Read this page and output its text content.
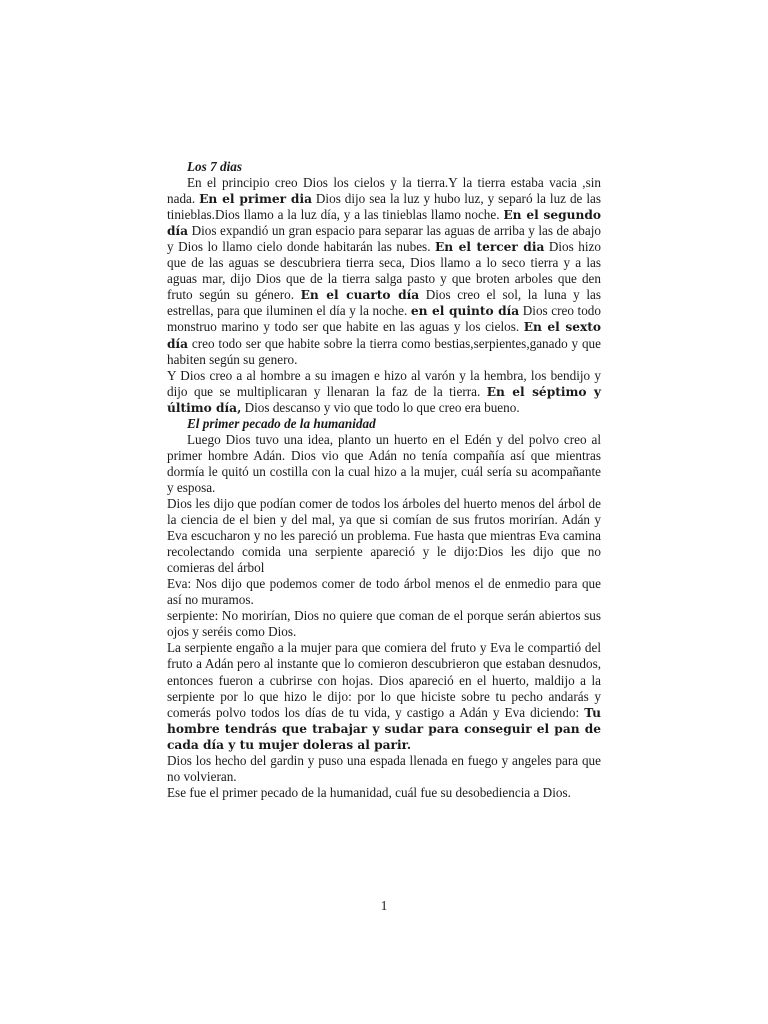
Los 7 dias

En el principio creo Dios los cielos y la tierra.Y la tierra estaba vacia ,sin nada. En el primer dia Dios dijo sea la luz y hubo luz, y separó la luz de las tinieblas.Dios llamo a la luz día, y a las tinieblas llamo noche. En el segundo día Dios expandió un gran espacio para separar las aguas de arriba y las de abajo y Dios lo llamo cielo donde habitarán las nubes. En el tercer dia Dios hizo que de las aguas se descubriera tierra seca, Dios llamo a lo seco tierra y a las aguas mar, dijo Dios que de la tierra salga pasto y que broten arboles que den fruto según su género. En el cuarto día Dios creo el sol, la luna y las estrellas, para que iluminen el día y la noche. en el quinto día Dios creo todo monstruo marino y todo ser que habite en las aguas y los cielos. En el sexto día creo todo ser que habite sobre la tierra como bestias,serpientes,ganado y que habiten según su genero.

Y Dios creo a al hombre a su imagen e hizo al varón y la hembra, los bendijo y dijo que se multiplicaran y llenaran la faz de la tierra. En el séptimo y último día, Dios descanso y vio que todo lo que creo era bueno.

El primer pecado de la humanidad

Luego Dios tuvo una idea, planto un huerto en el Edén y del polvo creo al primer hombre Adán. Dios vio que Adán no tenía compañía así que mientras dormía le quitó un costilla con la cual hizo a la mujer, cuál sería su acompañante y esposa.

Dios les dijo que podían comer de todos los árboles del huerto menos del árbol de la ciencia de el bien y del mal, ya que si comían de sus frutos morirían. Adán y Eva escucharon y no les pareció un problema. Fue hasta que mientras Eva camina recolectando comida una serpiente apareció y le dijo:Dios les dijo que no comieras del árbol

Eva: Nos dijo que podemos comer de todo árbol menos el de enmedio para que así no muramos.

serpiente: No morirían, Dios no quiere que coman de el porque serán abiertos sus ojos y seréis como Dios.

La serpiente engaño a la mujer para que comiera del fruto y Eva le compartió del fruto a Adán pero al instante que lo comieron descubrieron que estaban desnudos, entonces fueron a cubrirse con hojas. Dios apareció en el huerto, maldijo a la serpiente por lo que hizo le dijo: por lo que hiciste sobre tu pecho andarás y comerás polvo todos los días de tu vida, y castigo a Adán y Eva diciendo: Tu hombre tendrás que trabajar y sudar para conseguir el pan de cada día y tu mujer doleras al parir.

Dios los hecho del gardin y puso una espada llenada en fuego y angeles para que no volvieran.

Ese fue el primer pecado de la humanidad, cuál fue su desobediencia a Dios.

1
